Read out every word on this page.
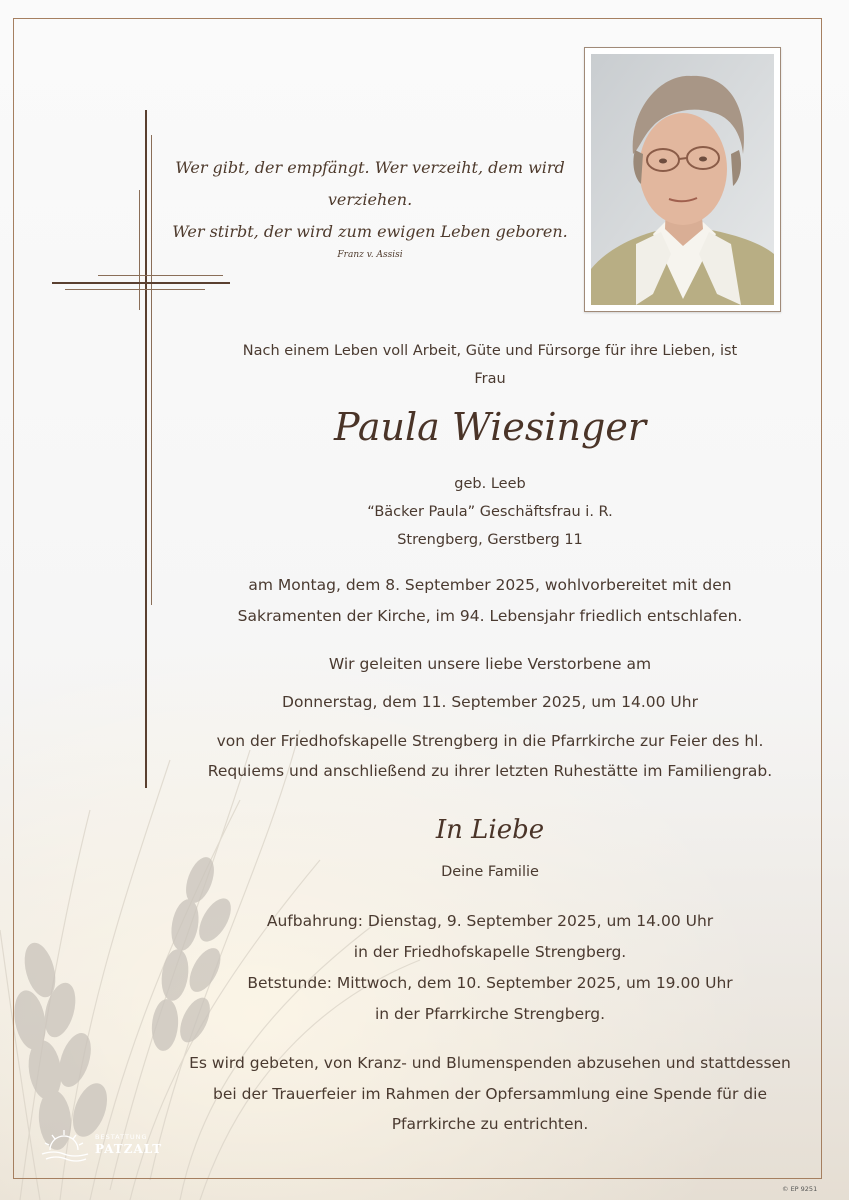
Wer gibt, der empfängt. Wer verzeiht, dem wird verziehen.
Wer stirbt, der wird zum ewigen Leben geboren.
Franz v. Assisi
Nach einem Leben voll Arbeit, Güte und Fürsorge für ihre Lieben, ist
Frau
Paula Wiesinger
geb. Leeb
“Bäcker Paula” Geschäftsfrau i. R.
Strengberg, Gerstberg 11
am Montag, dem 8. September 2025, wohlvorbereitet mit den
Sakramenten der Kirche, im 94. Lebensjahr friedlich entschlafen.
Wir geleiten unsere liebe Verstorbene am
Donnerstag, dem 11. September 2025, um 14.00 Uhr
von der Friedhofskapelle Strengberg in die Pfarrkirche zur Feier des hl.
Requiems und anschließend zu ihrer letzten Ruhestätte im Familiengrab.
In Liebe
Deine Familie
Aufbahrung: Dienstag, 9. September 2025, um 14.00 Uhr
in der Friedhofskapelle Strengberg.
Betstunde: Mittwoch, dem 10. September 2025, um 19.00 Uhr
in der Pfarrkirche Strengberg.
Es wird gebeten, von Kranz- und Blumenspenden abzusehen und stattdessen
bei der Trauerfeier im Rahmen der Opfersammlung eine Spende für die
Pfarrkirche zu entrichten.
BESTATTUNG
PATZALT
© EP 9251
